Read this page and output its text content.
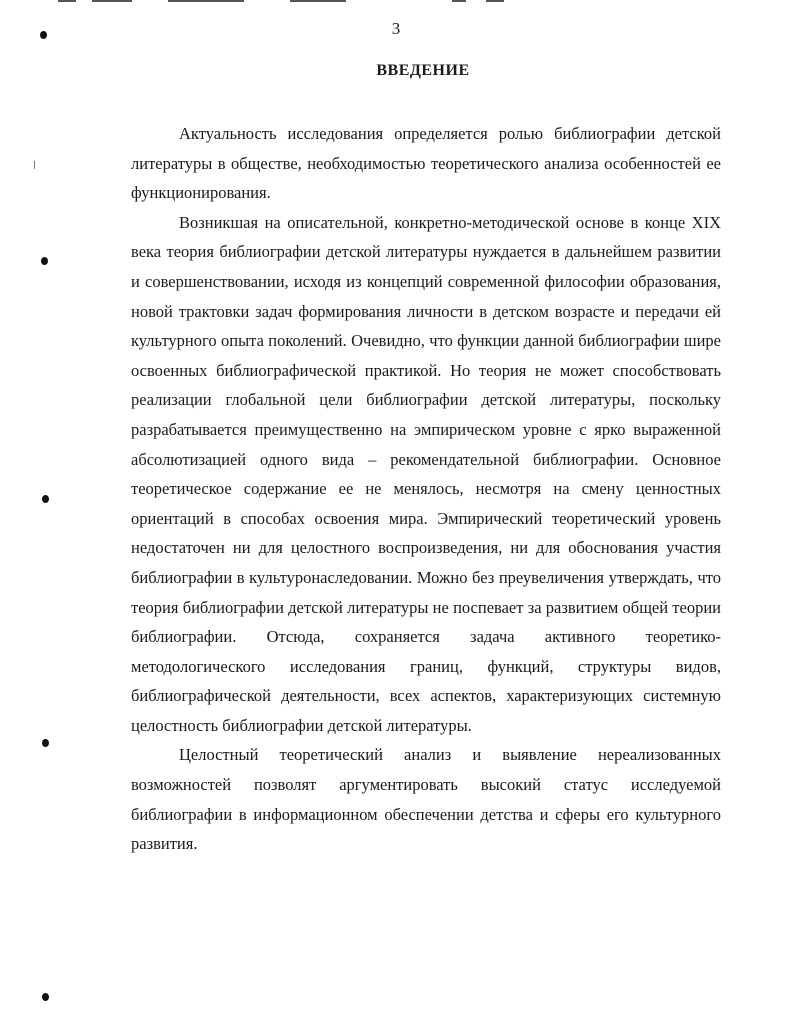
3
ВВЕДЕНИЕ

Актуальность исследования определяется ролью библиографии детской литературы в обществе, необходимостью теоретического анализа особенностей ее функционирования.

Возникшая на описательной, конкретно-методической основе в конце XIX века теория библиографии детской литературы нуждается в дальнейшем развитии и совершенствовании, исходя из концепций современной философии образования, новой трактовки задач формирования личности в детском возрасте и передачи ей культурного опыта поколений. Очевидно, что функции данной библиографии шире освоенных библиографической практикой. Но теория не может способствовать реализации глобальной цели библиографии детской литературы, поскольку разрабатывается преимущественно на эмпирическом уровне с ярко выраженной абсолютизацией одного вида – рекомендательной библиографии. Основное теоретическое содержание ее не менялось, несмотря на смену ценностных ориентаций в способах освоения мира. Эмпирический теоретический уровень недостаточен ни для целостного воспроизведения, ни для обоснования участия библиографии в культуронаследовании. Можно без преувеличения утверждать, что теория библиографии детской литературы не поспевает за развитием общей теории библиографии. Отсюда, сохраняется задача активного теоретико-методологического исследования границ, функций, структуры видов, библиографической деятельности, всех аспектов, характеризующих системную целостность библиографии детской литературы.

Целостный теоретический анализ и выявление нереализованных возможностей позволят аргументировать высокий статус исследуемой библиографии в информационном обеспечении детства и сферы его культурного развития.
